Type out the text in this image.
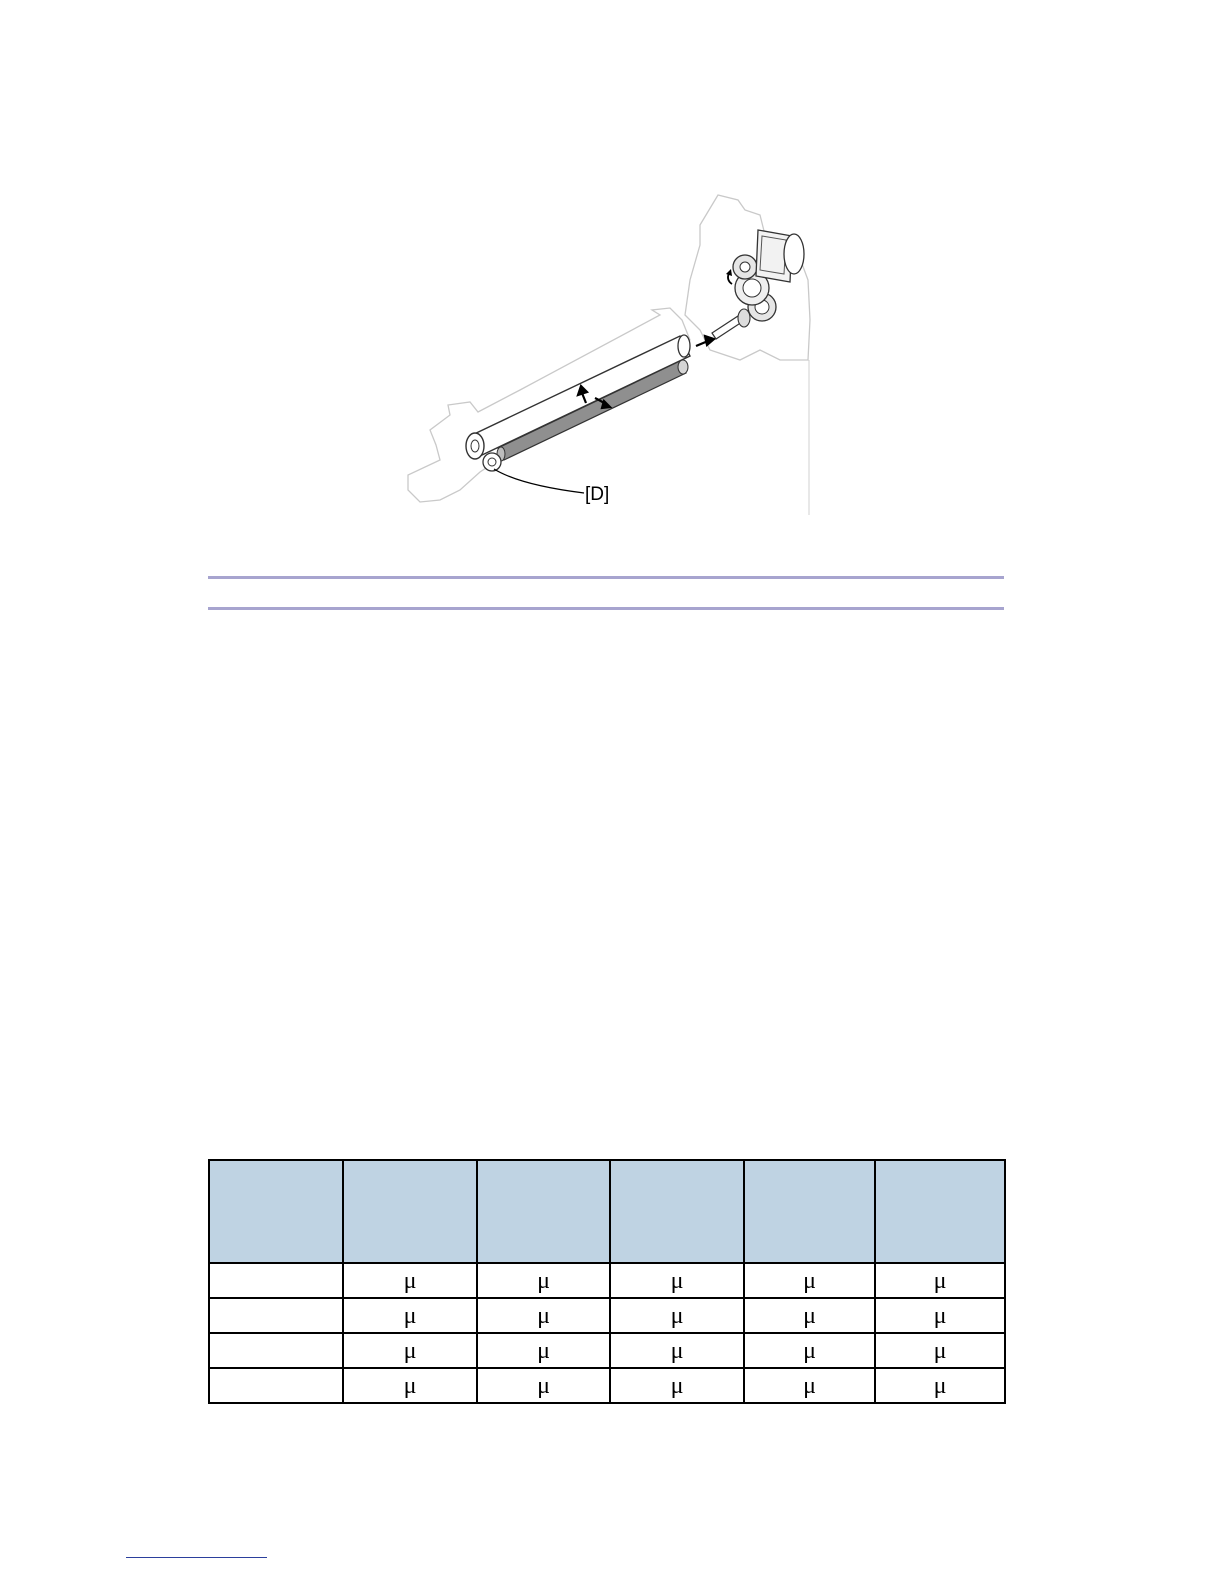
[D]

	μ	μ	μ	μ	μ
	μ	μ	μ	μ	μ
	μ	μ	μ	μ	μ
	μ	μ	μ	μ	μ
